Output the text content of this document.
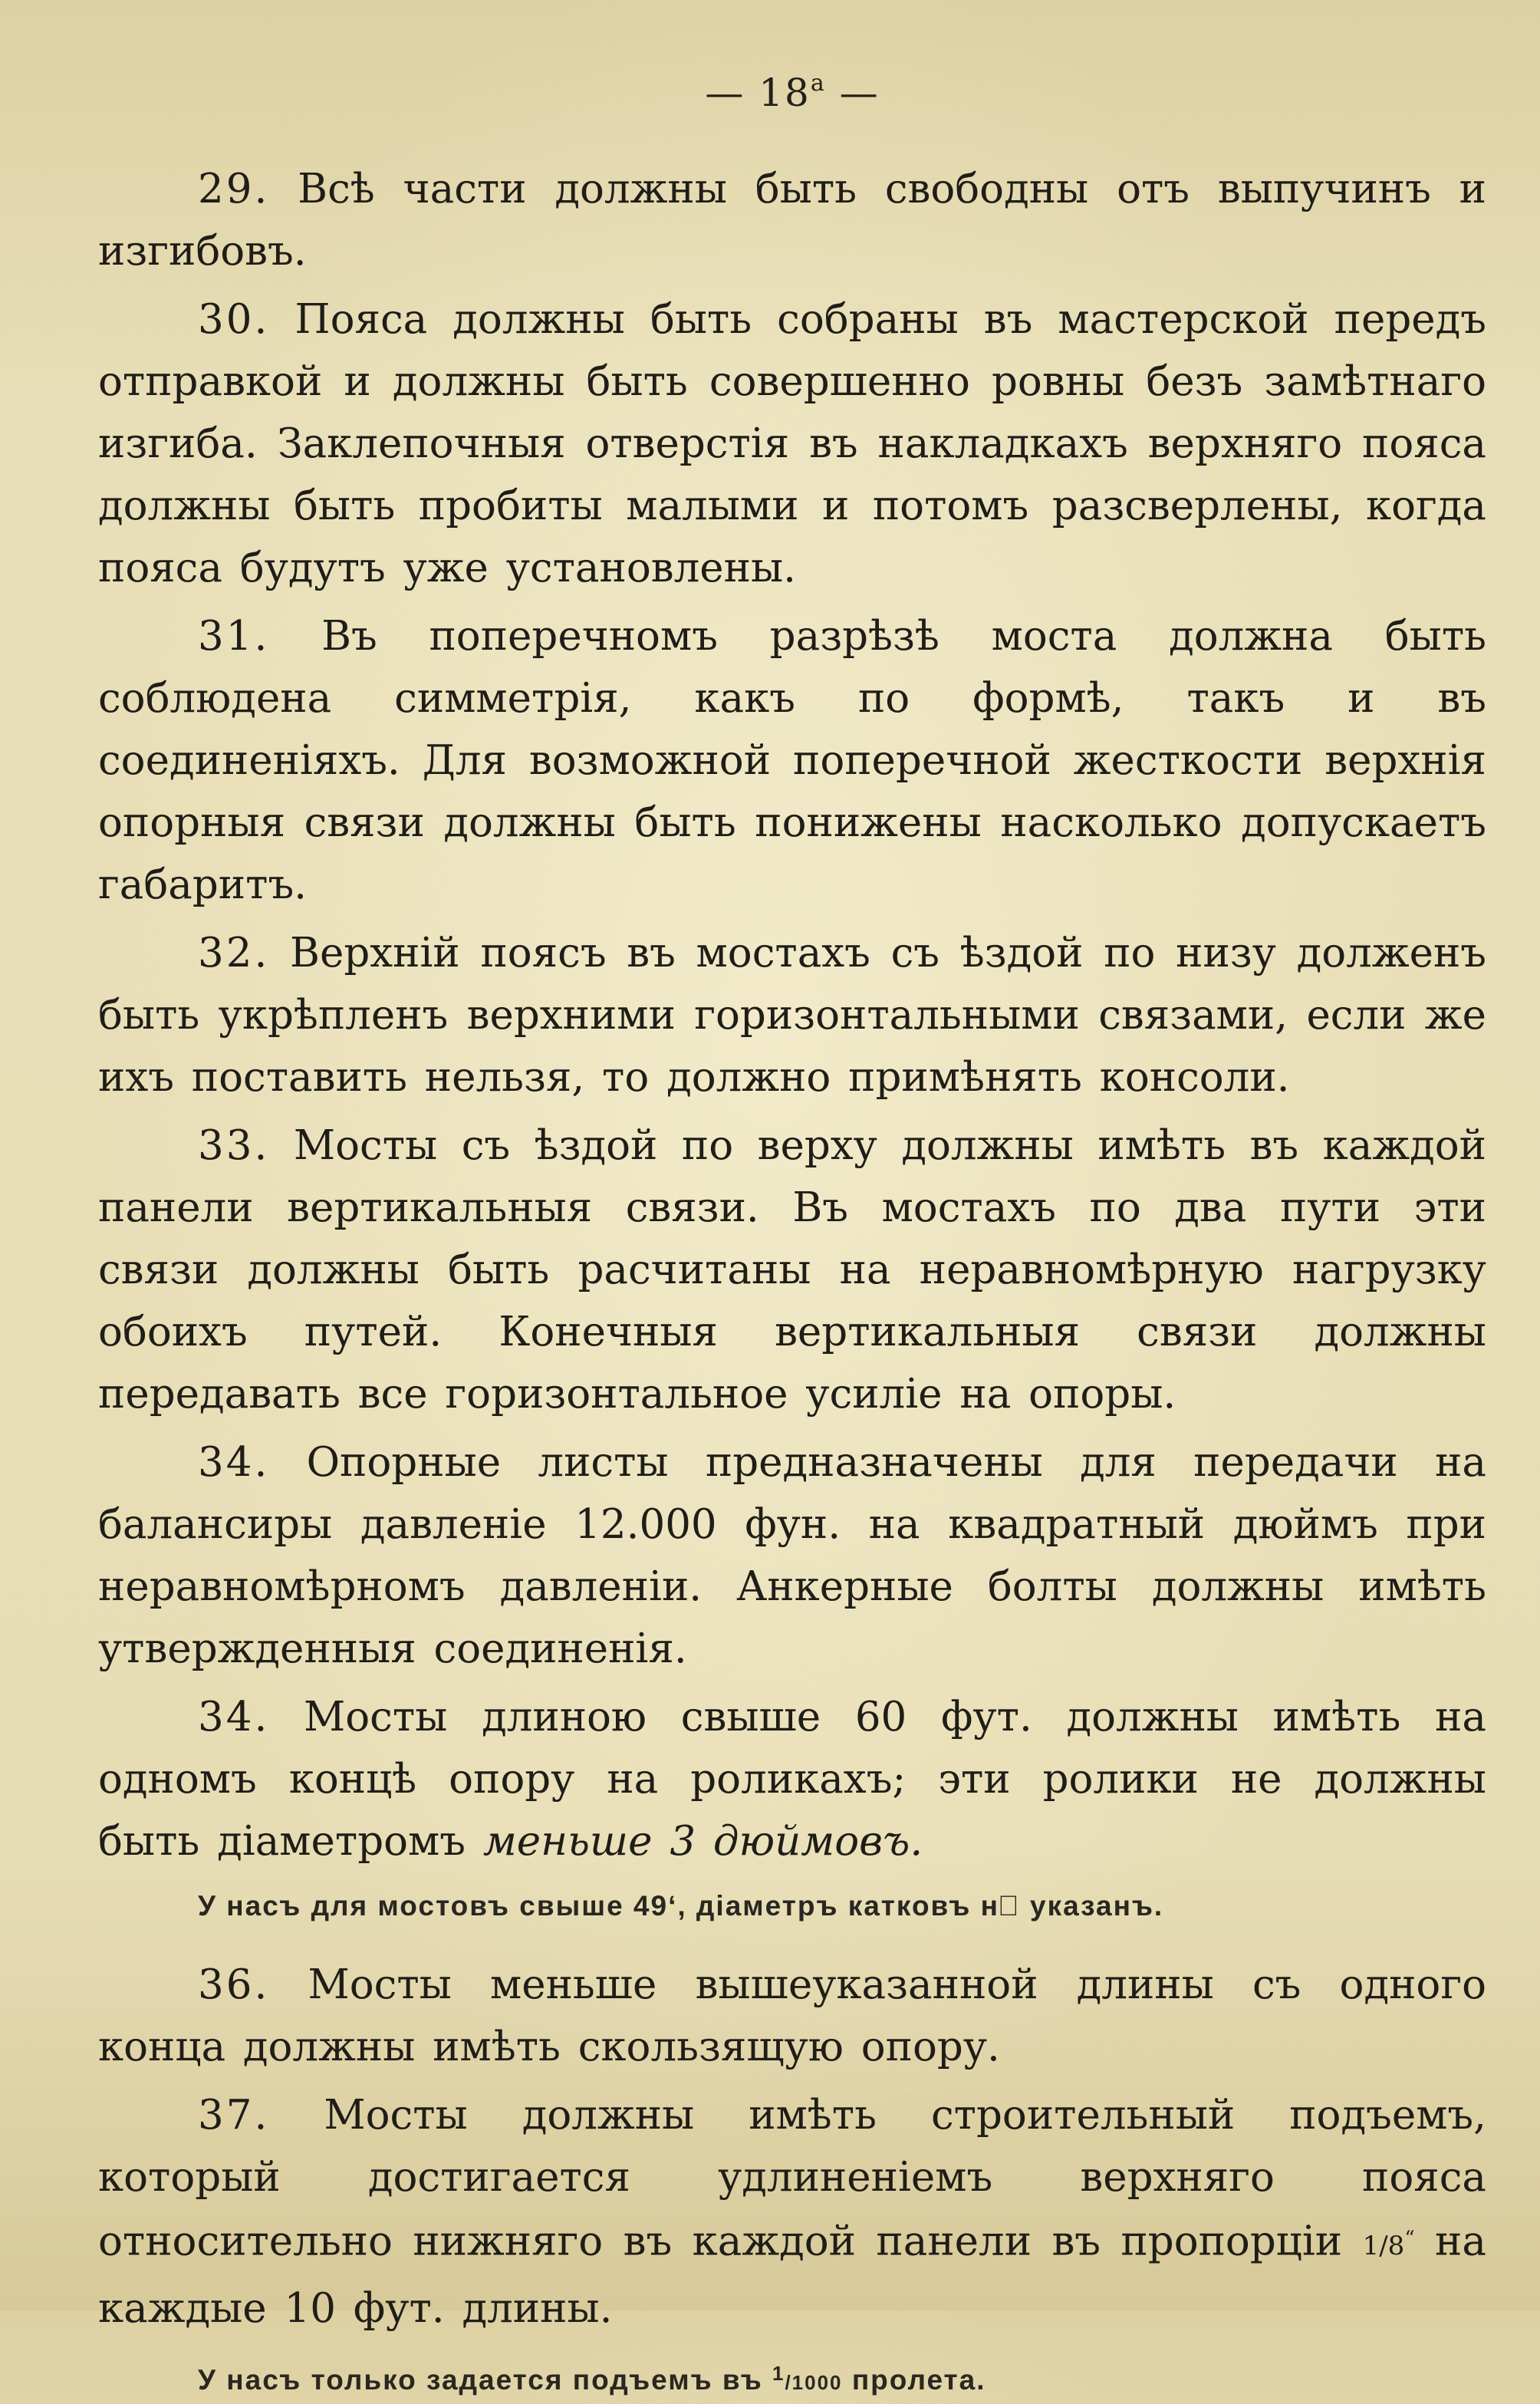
— $18^а$ —

29. Всѣ части должны быть свободны отъ выпучинъ и изгибовъ.

30. Пояса должны быть собраны въ мастерской передъ отправкой и должны быть совершенно ровны безъ замѣтнаго изгиба. Заклепочныя отверстія въ накладкахъ верхняго пояса должны быть пробиты малыми и потомъ разсверлены, когда пояса будутъ уже установлены.

31. Въ поперечномъ разрѣзѣ моста должна быть соблюдена симметрія, какъ по формѣ, такъ и въ соединеніяхъ. Для возможной поперечной жесткости верхнія опорныя связи должны быть понижены насколько допускаетъ габаритъ.

32. Верхній поясъ въ мостахъ съ ѣздой по низу долженъ быть укрѣпленъ верхними горизонтальными связами, если же ихъ поставить нельзя, то должно примѣнять консоли.

33. Мосты съ ѣздой по верху должны имѣть въ каждой панели вертикальныя связи. Въ мостахъ по два пути эти связи должны быть расчитаны на неравномѣрную нагрузку обоихъ путей. Конечныя вертикальныя связи должны пеpeдавать все горизонтальное усиліе на опоры.

34. Опорные листы предназначены для передачи на балансиры давленіе 12.000 фун. на квадратный дюймъ при неравномѣрномъ давленіи. Анкерные болты должны имѣть утвержденныя соединенія.

34. Мосты длиною свыше 60 фут. должны имѣть на одномъ концѣ опору на роликахъ; эти ролики не должны быть діаметромъ меньше 3 дюймовъ.

У насъ для мостовъ свыше 49‘, діаметръ катковъ н꙼ указанъ.

36. Мосты меньше вышеуказанной длины съ одного конца должны имѣть скользящую опору.

37. Мосты должны имѣть строительный подъемъ, который достигается удлиненіемъ верхняго пояса относительно нижняго въ каждой панели въ пропорціи 1/8“ на каждые 10 фут. длины.

У насъ только задается подъемъ въ $^1$/1000 пролета.
